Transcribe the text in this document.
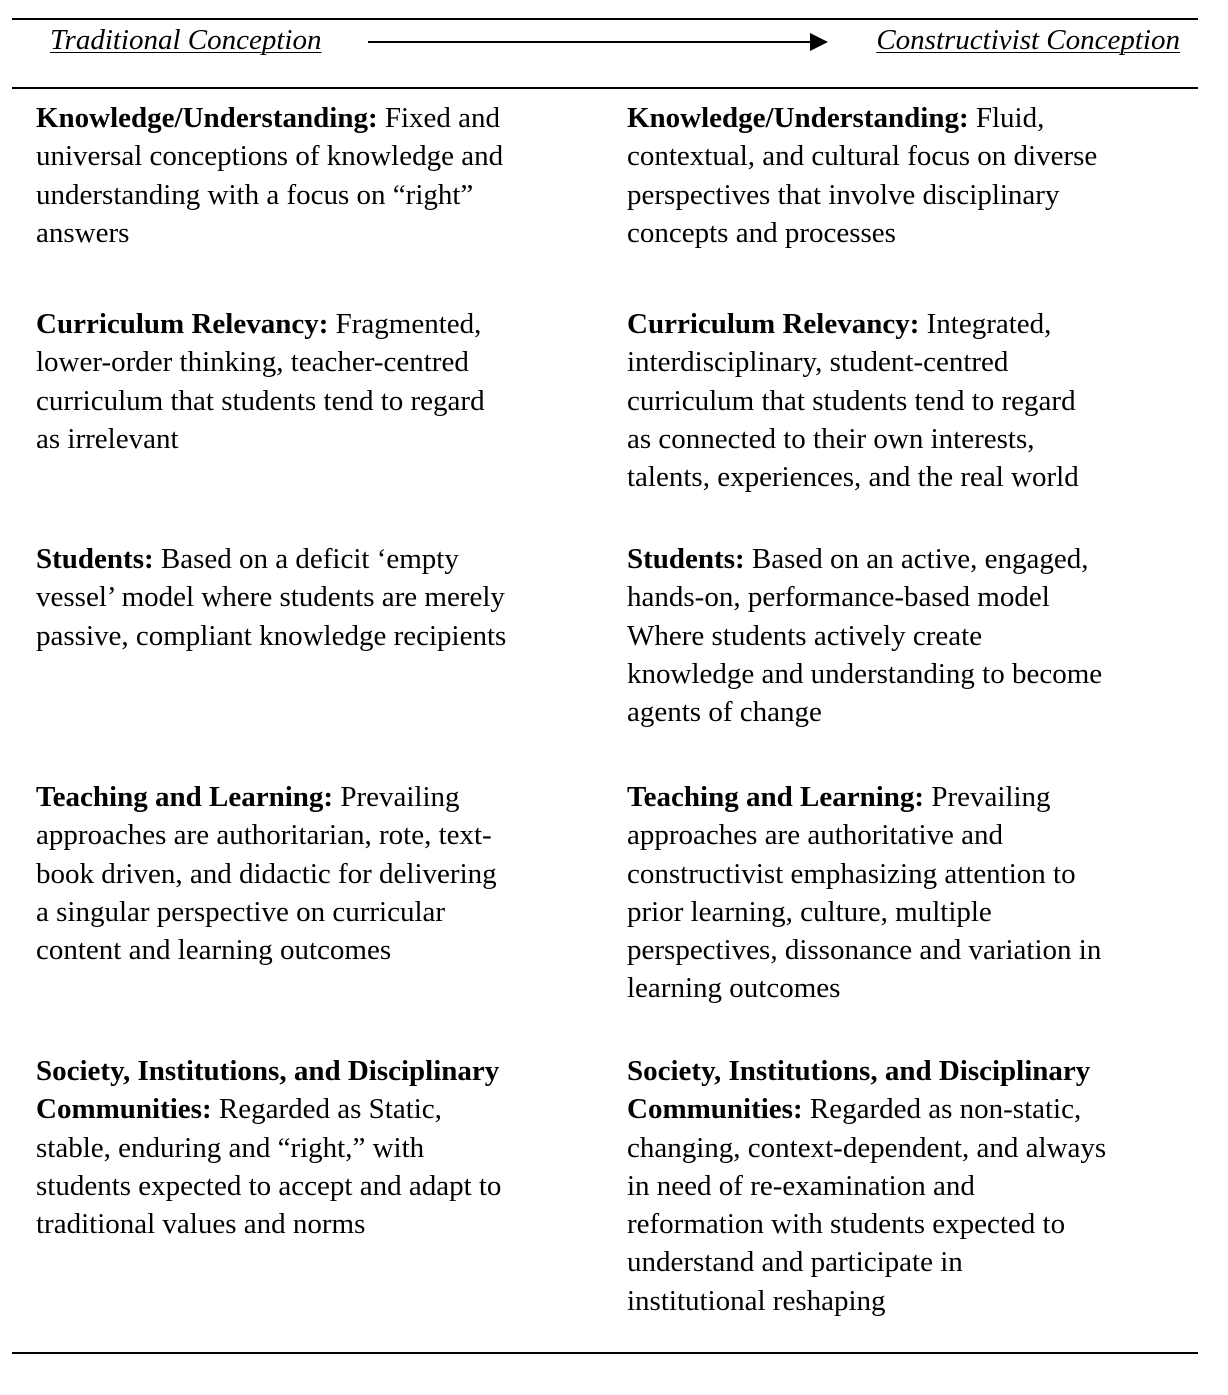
Traditional Conception	Constructivist Conception

Knowledge/Understanding: Fixed and
universal conceptions of knowledge and
understanding with a focus on “right”
answers

Knowledge/Understanding: Fluid,
contextual, and cultural focus on diverse
perspectives that involve disciplinary
concepts and processes

Curriculum Relevancy: Fragmented,
lower-order thinking, teacher-centred
curriculum that students tend to regard
as irrelevant

Curriculum Relevancy: Integrated,
interdisciplinary, student-centred
curriculum that students tend to regard
as connected to their own interests,
talents, experiences, and the real world

Students: Based on a deficit ‘empty
vessel’ model where students are merely
passive, compliant knowledge recipients

Students: Based on an active, engaged,
hands-on, performance-based model
Where students actively create
knowledge and understanding to become
agents of change

Teaching and Learning: Prevailing
approaches are authoritarian, rote, text-
book driven, and didactic for delivering
a singular perspective on curricular
content and learning outcomes

Teaching and Learning: Prevailing
approaches are authoritative and
constructivist emphasizing attention to
prior learning, culture, multiple
perspectives, dissonance and variation in
learning outcomes

Society, Institutions, and Disciplinary
Communities: Regarded as Static,
stable, enduring and “right,” with
students expected to accept and adapt to
traditional values and norms

Society, Institutions, and Disciplinary
Communities: Regarded as non-static,
changing, context-dependent, and always
in need of re-examination and
reformation with students expected to
understand and participate in
institutional reshaping
